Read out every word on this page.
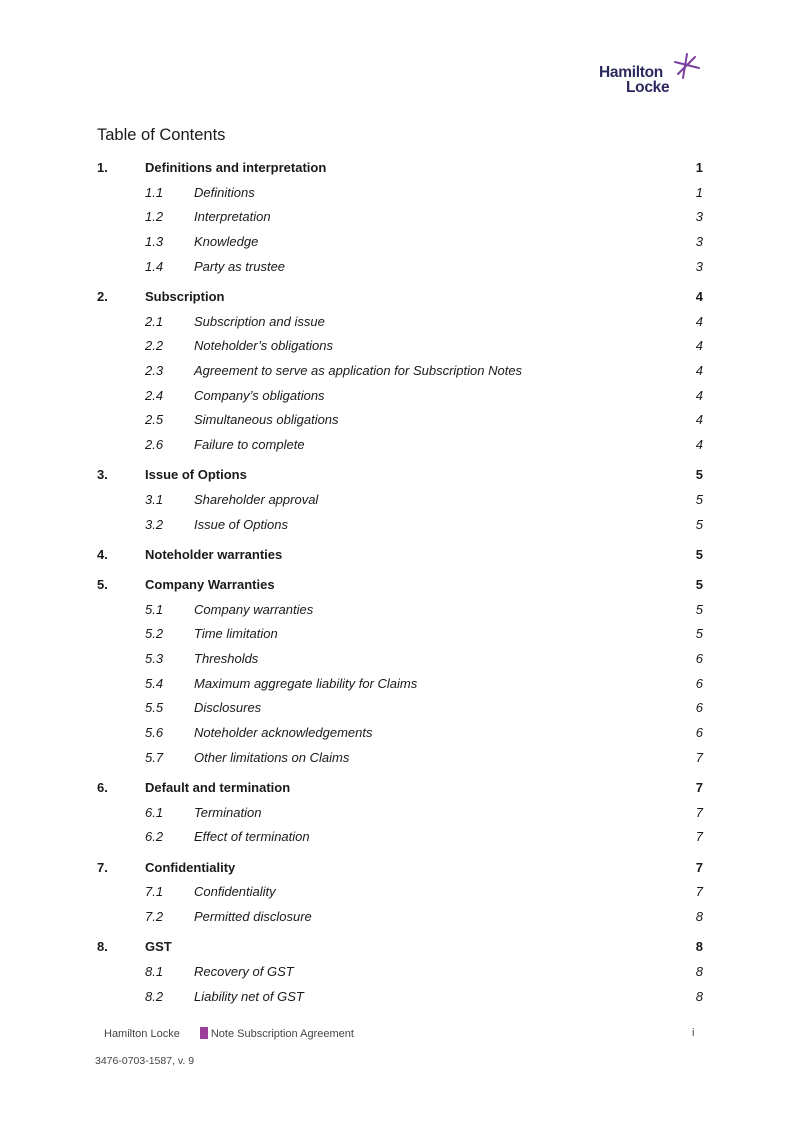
Hamilton
Locke
Table of Contents
1.	Definitions and interpretation	1
1.1 Definitions	1
1.2 Interpretation	3
1.3 Knowledge	3
1.4 Party as trustee	3
2.	Subscription	4
2.1 Subscription and issue	4
2.2 Noteholder’s obligations	4
2.3 Agreement to serve as application for Subscription Notes	4
2.4 Company’s obligations	4
2.5 Simultaneous obligations	4
2.6 Failure to complete	4
3.	Issue of Options	5
3.1 Shareholder approval	5
3.2 Issue of Options	5
4.	Noteholder warranties	5
5.	Company Warranties	5
5.1 Company warranties	5
5.2 Time limitation	5
5.3 Thresholds	6
5.4 Maximum aggregate liability for Claims	6
5.5 Disclosures	6
5.6 Noteholder acknowledgements	6
5.7 Other limitations on Claims	7
6.	Default and termination	7
6.1 Termination	7
6.2 Effect of termination	7
7.	Confidentiality	7
7.1 Confidentiality	7
7.2 Permitted disclosure	8
8.	GST	8
8.1 Recovery of GST	8
8.2 Liability net of GST	8
Hamilton Locke	Note Subscription Agreement	i
3476-0703-1587, v. 9
